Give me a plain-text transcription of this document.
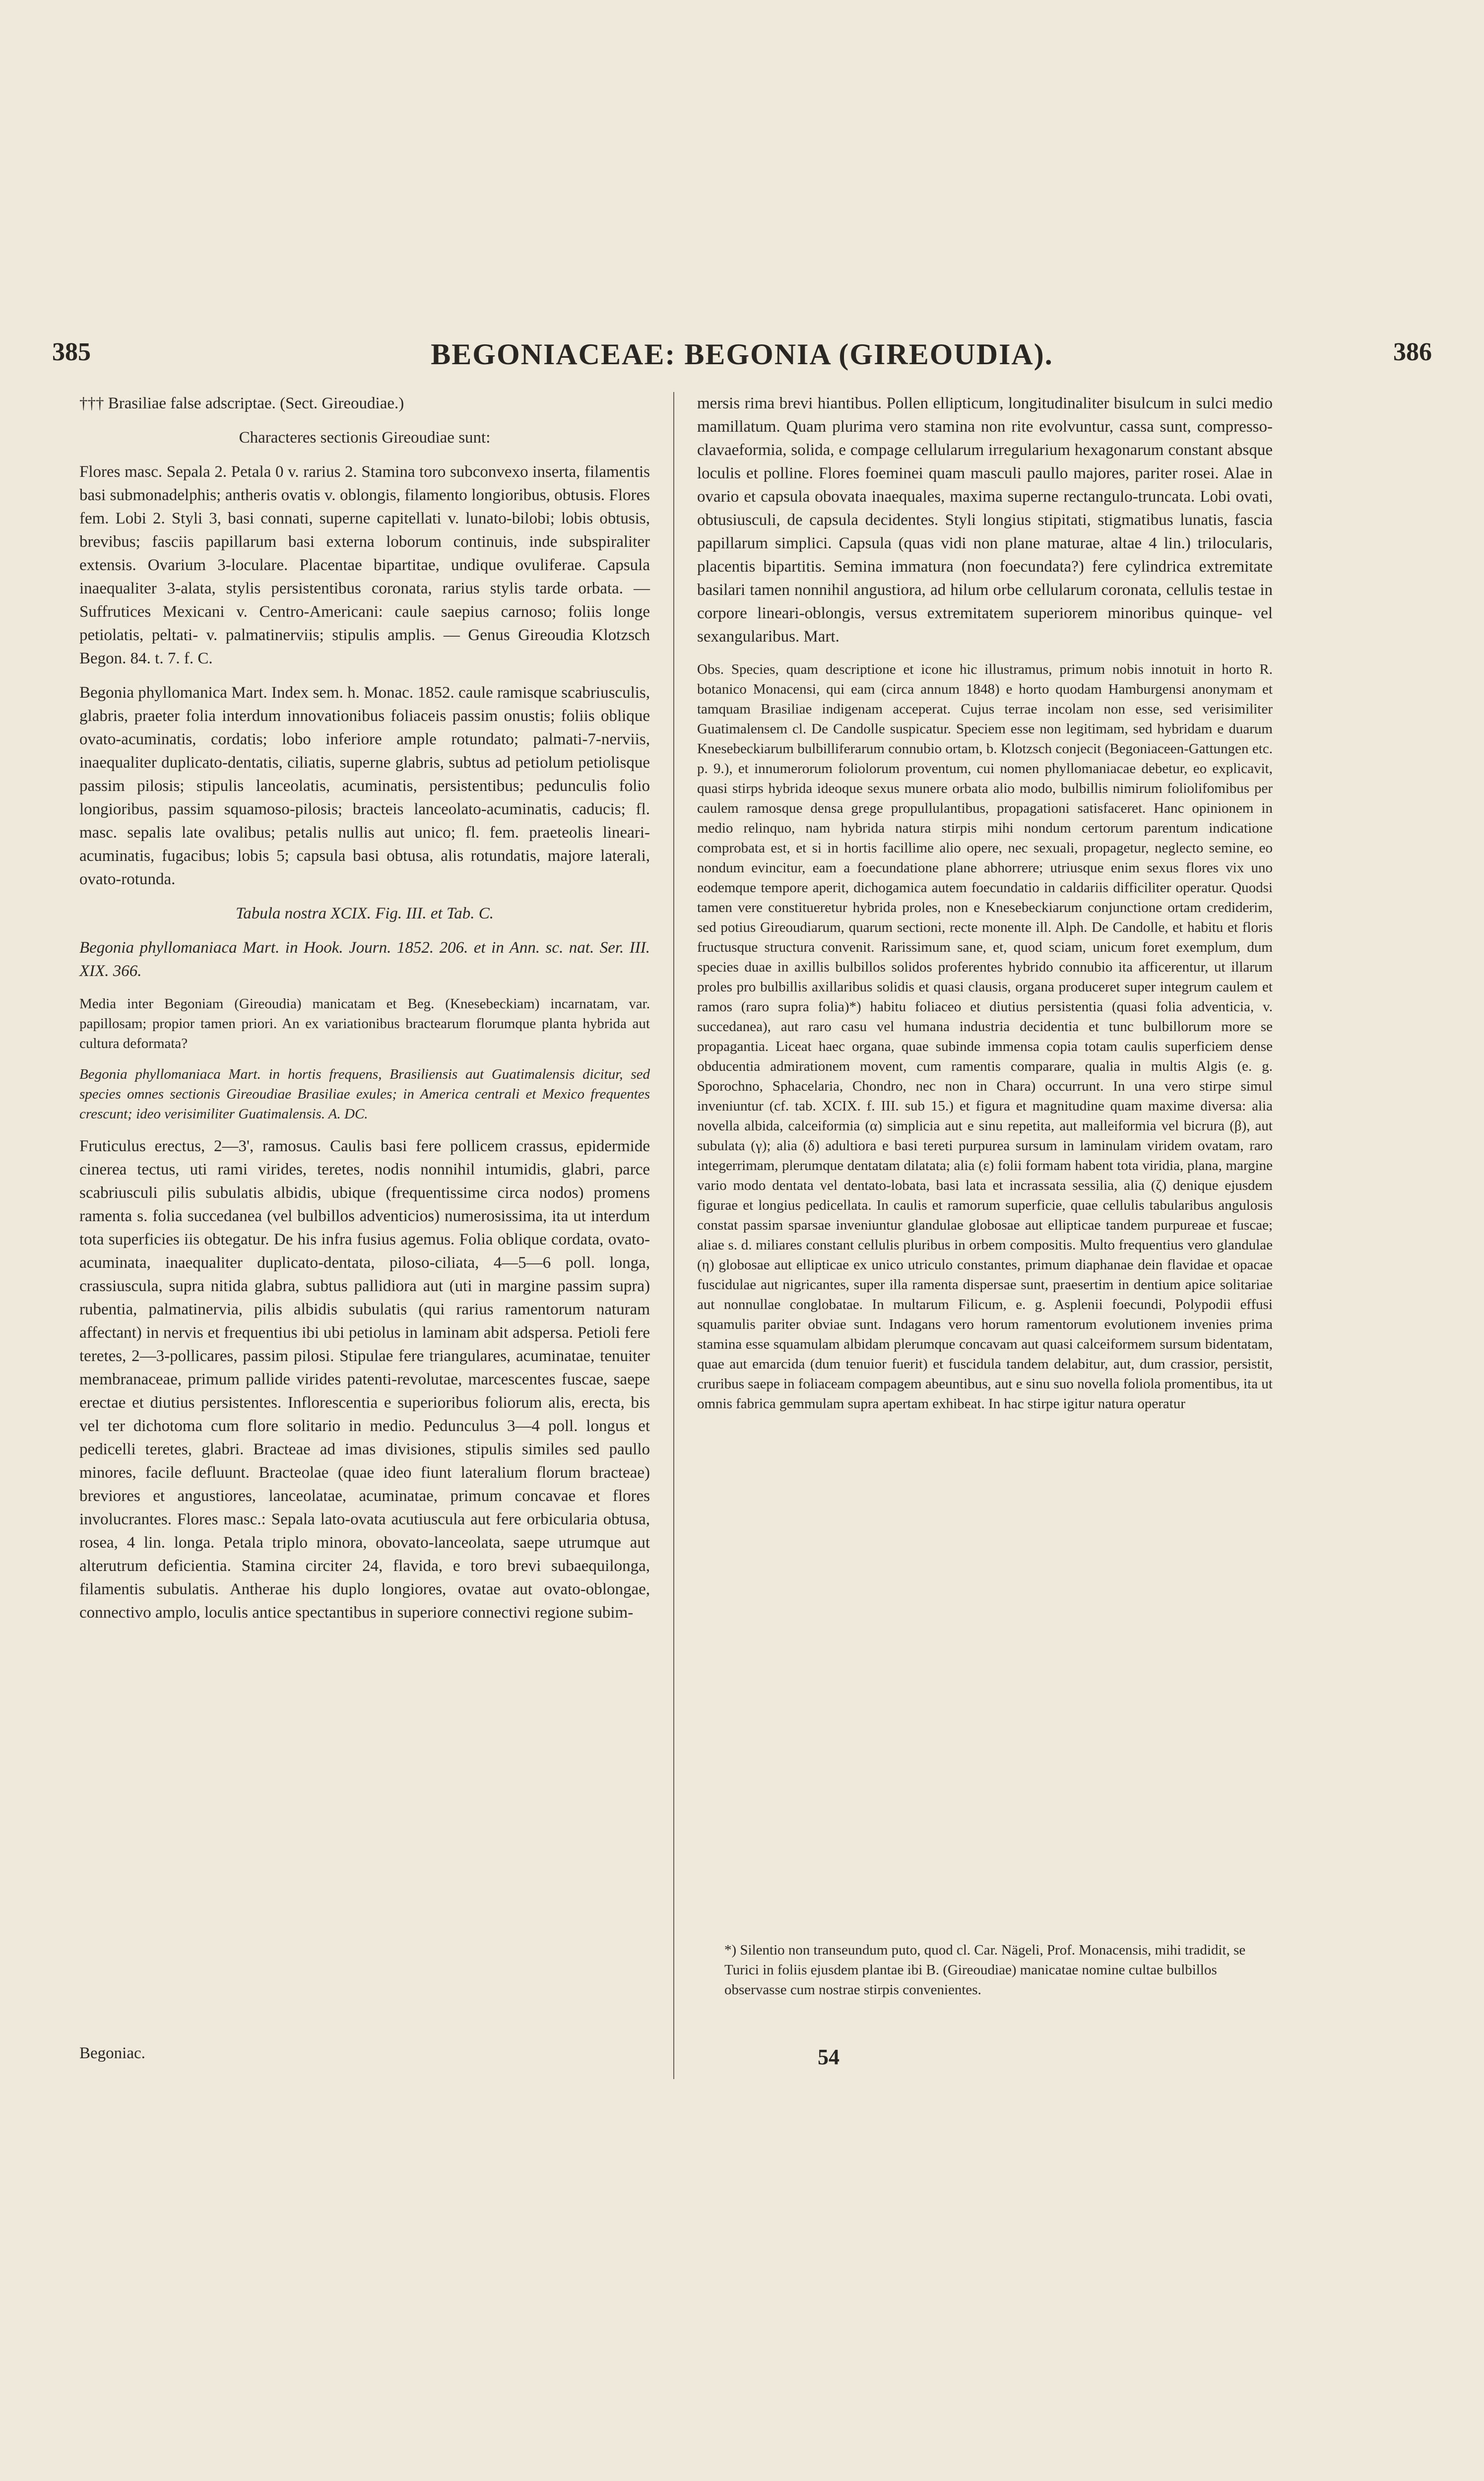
385	BEGONIACEAE: BEGONIA (GIREOUDIA).	386

††† Brasiliae false adscriptae. (Sect. Gireoudiae.)

Characteres sectionis Gireoudiae sunt:

Flores masc. Sepala 2. Petala 0 v. rarius 2. Stamina toro subconvexo inserta, filamentis basi submonadelphis; antheris ovatis v. oblongis, filamento longioribus, obtusis. Flores fem. Lobi 2. Styli 3, basi connati, superne capitellati v. lunato-bilobi; lobis obtusis, brevibus; fasciis papillarum basi externa loborum continuis, inde subspiraliter extensis. Ovarium 3-loculare. Placentae bipartitae, undique ovuliferae. Capsula inaequaliter 3-alata, stylis persistentibus coronata, rarius stylis tarde orbata. — Suffrutices Mexicani v. Centro-Americani: caule saepius carnoso; foliis longe petiolatis, peltati- v. palmatinerviis; stipulis amplis. — Genus Gireoudia Klotzsch Begon. 84. t. 7. f. C.

Begonia phyllomanica Mart. Index sem. h. Monac. 1852. caule ramisque scabriusculis, glabris, praeter folia interdum innovationibus foliaceis passim onustis; foliis oblique ovato-acuminatis, cordatis; lobo inferiore ample rotundato; palmati-7-nerviis, inaequaliter duplicato-dentatis, ciliatis, superne glabris, subtus ad petiolum petiolisque passim pilosis; stipulis lanceolatis, acuminatis, persistentibus; pedunculis folio longioribus, passim squamoso-pilosis; bracteis lanceolato-acuminatis, caducis; fl. masc. sepalis late ovalibus; petalis nullis aut unico; fl. fem. praeteolis lineari-acuminatis, fugacibus; lobis 5; capsula basi obtusa, alis rotundatis, majore laterali, ovato-rotunda.

Tabula nostra XCIX. Fig. III. et Tab. C.

Begonia phyllomaniaca Mart. in Hook. Journ. 1852. 206. et in Ann. sc. nat. Ser. III. XIX. 366.

Media inter Begoniam (Gireoudia) manicatam et Beg. (Knesebeckiam) incarnatam, var. papillosam; propior tamen priori. An ex variationibus bractearum florumque planta hybrida aut cultura deformata?

Begonia phyllomaniaca Mart. in hortis frequens, Brasiliensis aut Guatimalensis dicitur, sed species omnes sectionis Gireoudiae Brasiliae exules; in America centrali et Mexico frequentes crescunt; ideo verisimiliter Guatimalensis. A. DC.

Fruticulus erectus, 2—3', ramosus. Caulis basi fere pollicem crassus, epidermide cinerea tectus, uti rami virides, teretes, nodis nonnihil intumidis, glabri, parce scabriusculi pilis subulatis albidis, ubique (frequentissime circa nodos) promens ramenta s. folia succedanea (vel bulbillos adventicios) numerosissima, ita ut interdum tota superficies iis obtegatur. De his infra fusius agemus. Folia oblique cordata, ovato-acuminata, inaequaliter duplicato-dentata, piloso-ciliata, 4—5—6 poll. longa, crassiuscula, supra nitida glabra, subtus pallidiora aut (uti in margine passim supra) rubentia, palmatinervia, pilis albidis subulatis (qui rarius ramentorum naturam affectant) in nervis et frequentius ibi ubi petiolus in laminam abit adspersa. Petioli fere teretes, 2—3-pollicares, passim pilosi. Stipulae fere triangulares, acuminatae, tenuiter membranaceae, primum pallide virides patenti-revolutae, marcescentes fuscae, saepe erectae et diutius persistentes. Inflorescentia e superioribus foliorum alis, erecta, bis vel ter dichotoma cum flore solitario in medio. Pedunculus 3—4 poll. longus et pedicelli teretes, glabri. Bracteae ad imas divisiones, stipulis similes sed paullo minores, facile defluunt. Bracteolae (quae ideo fiunt lateralium florum bracteae) breviores et angustiores, lanceolatae, acuminatae, primum concavae et flores involucrantes. Flores masc.: Sepala lato-ovata acutiuscula aut fere orbicularia obtusa, rosea, 4 lin. longa. Petala triplo minora, obovato-lanceolata, saepe utrumque aut alterutrum deficientia. Stamina circiter 24, flavida, e toro brevi subaequilonga, filamentis subulatis. Antherae his duplo longiores, ovatae aut ovato-oblongae, connectivo amplo, loculis antice spectantibus in superiore connectivi regione subim-

mersis rima brevi hiantibus. Pollen ellipticum, longitudinaliter bisulcum in sulci medio mamillatum. Quam plurima vero stamina non rite evolvuntur, cassa sunt, compresso-clavaeformia, solida, e compage cellularum irregularium hexagonarum constant absque loculis et polline. Flores foeminei quam masculi paullo majores, pariter rosei. Alae in ovario et capsula obovata inaequales, maxima superne rectangulo-truncata. Lobi ovati, obtusiusculi, de capsula decidentes. Styli longius stipitati, stigmatibus lunatis, fascia papillarum simplici. Capsula (quas vidi non plane maturae, altae 4 lin.) trilocularis, placentis bipartitis. Semina immatura (non foecundata?) fere cylindrica extremitate basilari tamen nonnihil angustiora, ad hilum orbe cellularum coronata, cellulis testae in corpore lineari-oblongis, versus extremitatem superiorem minoribus quinque- vel sexangularibus. Mart.

Obs. Species, quam descriptione et icone hic illustramus, primum nobis innotuit in horto R. botanico Monacensi, qui eam (circa annum 1848) e horto quodam Hamburgensi anonymam et tamquam Brasiliae indigenam acceperat. Cujus terrae incolam non esse, sed verisimiliter Guatimalensem cl. De Candolle suspicatur. Speciem esse non legitimam, sed hybridam e duarum Knesebeckiarum bulbilliferarum connubio ortam, b. Klotzsch conjecit (Begoniaceen-Gattungen etc. p. 9.), et innumerorum foliolorum proventum, cui nomen phyllomaniacae debetur, eo explicavit, quasi stirps hybrida ideoque sexus munere orbata alio modo, bulbillis nimirum foliolifomibus per caulem ramosque densa grege propullulantibus, propagationi satisfaceret. Hanc opinionem in medio relinquo, nam hybrida natura stirpis mihi nondum certorum parentum indicatione comprobata est, et si in hortis facillime alio opere, nec sexuali, propagetur, neglecto semine, eo nondum evincitur, eam a foecundatione plane abhorrere; utriusque enim sexus flores vix uno eodemque tempore aperit, dichogamica autem foecundatio in caldariis difficiliter operatur. Quodsi tamen vere constitueretur hybrida proles, non e Knesebeckiarum conjunctione ortam crediderim, sed potius Gireoudiarum, quarum sectioni, recte monente ill. Alph. De Candolle, et habitu et floris fructusque structura convenit. Rarissimum sane, et, quod sciam, unicum foret exemplum, dum species duae in axillis bulbillos solidos proferentes hybrido connubio ita afficerentur, ut illarum proles pro bulbillis axillaribus solidis et quasi clausis, organa produceret super integrum caulem et ramos (raro supra folia)*) habitu foliaceo et diutius persistentia (quasi folia adventicia, v. succedanea), aut raro casu vel humana industria decidentia et tunc bulbillorum more se propagantia. Liceat haec organa, quae subinde immensa copia totam caulis superficiem dense obducentia admirationem movent, cum ramentis comparare, qualia in multis Algis (e. g. Sporochno, Sphacelaria, Chondro, nec non in Chara) occurrunt. In una vero stirpe simul inveniuntur (cf. tab. XCIX. f. III. sub 15.) et figura et magnitudine quam maxime diversa: alia novella albida, calceiformia (α) simplicia aut e sinu repetita, aut malleiformia vel bicrura (β), aut subulata (γ); alia (δ) adultiora e basi tereti purpurea sursum in laminulam viridem ovatam, raro integerrimam, plerumque dentatam dilatata; alia (ε) folii formam habent tota viridia, plana, margine vario modo dentata vel dentato-lobata, basi lata et incrassata sessilia, alia (ζ) denique ejusdem figurae et longius pedicellata. In caulis et ramorum superficie, quae cellulis tabularibus angulosis constat passim sparsae inveniuntur glandulae globosae aut ellipticae tandem purpureae et fuscae; aliae s. d. miliares constant cellulis pluribus in orbem compositis. Multo frequentius vero glandulae (η) globosae aut ellipticae ex unico utriculo constantes, primum diaphanae dein flavidae et opacae fuscidulae aut nigricantes, super illa ramenta dispersae sunt, praesertim in dentium apice solitariae aut nonnullae conglobatae. In multarum Filicum, e. g. Asplenii foecundi, Polypodii effusi squamulis pariter obviae sunt. Indagans vero horum ramentorum evolutionem invenies prima stamina esse squamulam albidam plerumque concavam aut quasi calceiformem sursum bidentatam, quae aut emarcida (dum tenuior fuerit) et fuscidula tandem delabitur, aut, dum crassior, persistit, cruribus saepe in foliaceam compagem abeuntibus, aut e sinu suo novella foliola promentibus, ita ut omnis fabrica gemmulam supra apertam exhibeat. In hac stirpe igitur natura operatur

*) Silentio non transeundum puto, quod cl. Car. Nägeli, Prof. Monacensis, mihi tradidit, se Turici in foliis ejusdem plantae ibi B. (Gireoudiae) manicatae nomine cultae bulbillos observasse cum nostrae stirpis convenientes.
Begoniac.	54
